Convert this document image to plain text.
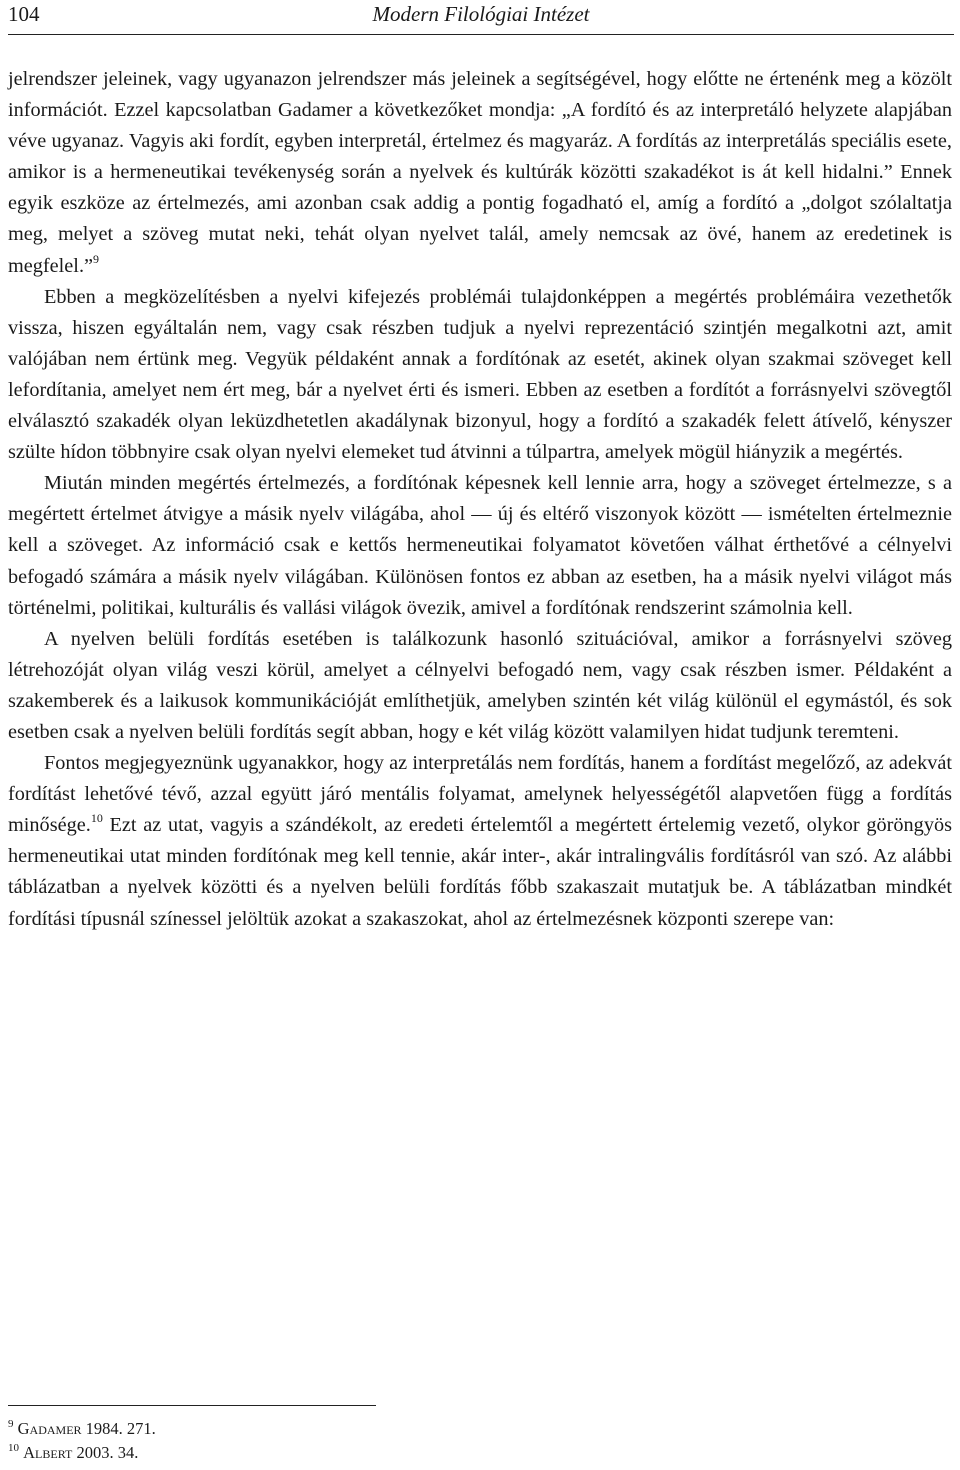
104	Modern Filológiai Intézet

jelrendszer jeleinek, vagy ugyanazon jelrendszer más jeleinek a segítségével, hogy előtte ne értenénk meg a közölt információt. Ezzel kapcsolatban Gadamer a következőket mondja: „A fordító és az interpretáló helyzete alapjában véve ugyanaz. Vagyis aki fordít, egyben interpretál, értelmez és magyaráz. A fordítás az interpretálás speciális esete, amikor is a hermeneutikai tevékenység során a nyelvek és kultúrák közötti szakadékot is át kell hidalni.” Ennek egyik eszköze az értelmezés, ami azonban csak addig a pontig fogadható el, amíg a fordító a „dolgot szólaltatja meg, melyet a szöveg mutat neki, tehát olyan nyelvet talál, amely nemcsak az övé, hanem az eredetinek is megfelel.”$^9$

Ebben a megközelítésben a nyelvi kifejezés problémái tulajdonképpen a megértés problémáira vezethetők vissza, hiszen egyáltalán nem, vagy csak részben tudjuk a nyelvi reprezentáció szintjén megalkotni azt, amit valójában nem értünk meg. Vegyük példaként annak a fordítónak az esetét, akinek olyan szakmai szöveget kell lefordítania, amelyet nem ért meg, bár a nyelvet érti és ismeri. Ebben az esetben a fordítót a forrásnyelvi szövegtől elválasztó szakadék olyan leküzdhetetlen akadálynak bizonyul, hogy a fordító a szakadék felett átívelő, kényszer szülte hídon többnyire csak olyan nyelvi elemeket tud átvinni a túlpartra, amelyek mögül hiányzik a megértés.

Miután minden megértés értelmezés, a fordítónak képesnek kell lennie arra, hogy a szöveget értelmezze, s a megértett értelmet átvigye a másik nyelv világába, ahol — új és eltérő viszonyok között — ismételten értelmeznie kell a szöveget. Az információ csak e kettős hermeneutikai folyamatot követően válhat érthetővé a célnyelvi befogadó számára a másik nyelv világában. Különösen fontos ez abban az esetben, ha a másik nyelvi világot más történelmi, politikai, kulturális és vallási világok övezik, amivel a fordítónak rendszerint számolnia kell.

A nyelven belüli fordítás esetében is találkozunk hasonló szituációval, amikor a forrásnyelvi szöveg létrehozóját olyan világ veszi körül, amelyet a célnyelvi befogadó nem, vagy csak részben ismer. Példaként a szakemberek és a laikusok kommunikációját említhetjük, amelyben szintén két világ különül el egymástól, és sok esetben csak a nyelven belüli fordítás segít abban, hogy e két világ között valamilyen hidat tudjunk teremteni.

Fontos megjegyeznünk ugyanakkor, hogy az interpretálás nem fordítás, hanem a fordítást megelőző, az adekvát fordítást lehetővé tévő, azzal együtt járó mentális folyamat, amelynek helyességétől alapvetően függ a fordítás minősége.$^{10}$ Ezt az utat, vagyis a szándékolt, az eredeti értelemtől a megértett értelemig vezető, olykor göröngyös hermeneutikai utat minden fordítónak meg kell tennie, akár inter-, akár intralingvális fordításról van szó. Az alábbi táblázatban a nyelvek közötti és a nyelven belüli fordítás főbb szakaszait mutatjuk be. A táblázatban mindkét fordítási típusnál színessel jelöltük azokat a szakaszokat, ahol az értelmezésnek központi szerepe van:

$^9$ Gadamer 1984. 271.

$^{10}$ Albert 2003. 34.
